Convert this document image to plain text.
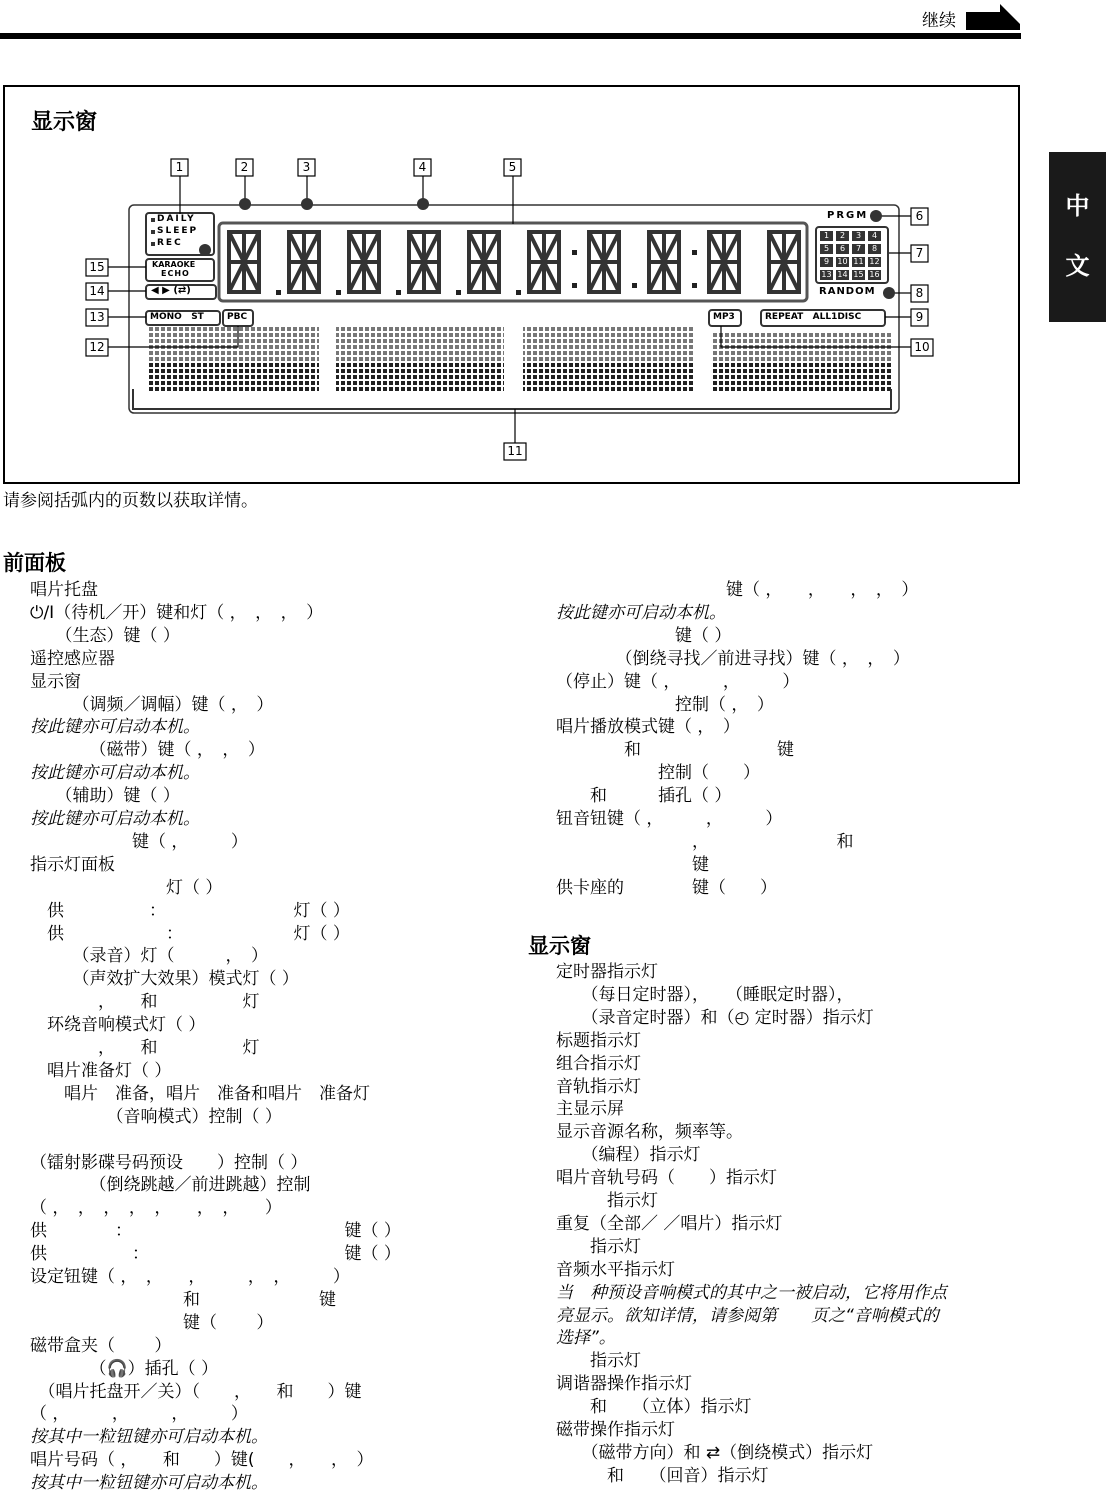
继续
中
文
显示窗
DAILY
SLEEP
REC
KARAOKE
ECHO
◀ ▶ (⇄)
MONO   ST	PBC	MP3	REPEAT   ALL1DISC
PRGM
RANDOM
1	2	3	4
5	6	7	8
9	10 11 12
13 14 15 16
1	2	3	4	5
6
7
8
9
10
11
12
13
14
15
请参阅括弧内的页数以获取详情。
前面板
唱片托盘
⏻/I（待机／开）键和灯（ ，　，　，　）
　　（生态）键（ ）
遥控感应器
显示窗
　　　（调频／调幅）键（ ，　）
按此键亦可启动本机。
　　　　（磁带）键（ ，　，　）
按此键亦可启动本机。
　　（辅助）键（ ）
按此键亦可启动本机。
　　　　　　键（ ，　　　）
指示灯面板
　　　　　　　　灯（ ）
　供　　　　　：　　　　　　　　灯（ ）
　供　　　　　　：　　　　　　　灯（ ）
　　　（录音）灯（　　　，　）
　　　（声效扩大效果）模式灯（ ）
　　　　，　　和　　　　　灯
　环绕音响模式灯（ ）
　　　　，　　和　　　　　灯
　唱片准备灯（ ）
　　唱片　准备，唱片　准备和唱片　准备灯
　　　　　（音响模式）控制（ ）
（镭射影碟号码预设　　）控制（ ）
　　　　（倒绕跳越／前进跳越）控制
（ ，　，　，　，　，　　，　，　　）
供　　　　：　　　　　　　　　　　　　键（ ）
供　　　　　：　　　　　　　　　　　　键（ ）
设定钮键（ ，　，　　，　　　，　，　　　）
　　　　　　　　　和　　　　　　　键
　　　　　　　　　键（ 　　）
磁带盒夹（ 　　）
　　　　（🎧）插孔（ ）
　（唱片托盘开／关）（　　，　　和　　）键
（ ，　　　，　　　，　　　）
按其中一粒钮键亦可启动本机。
唱片号码（ ，　　和　　）键(　　，　　，　）
按其中一粒钮键亦可启动本机。
　　　　　　　　　　键（ ，　　，　　，　，　）
按此键亦可启动本机。
　　　　　　　键（ ）
　　　　（倒绕寻找／前进寻找）键（ ，　，　）
（停止）键（ ，　　　，　　　）
　　　　　　　控制（ ，　）
唱片播放模式键（ ，　）
　　　　和　　　　　　　　键
　　　　　　控制（　　）
　　和　　　插孔（ ）
钮音钮键（ ，　　　，　　　）
　　　　　　　　，　　　　　　　　和
　　　　　　　　键
供卡座的　　　　键（　　）
显示窗
定时器指示灯
　　（每日定时器），　　（睡眠定时器），
　　（录音定时器）和（◴ 定时器）指示灯
标题指示灯
组合指示灯
音轨指示灯
主显示屏
显示音源名称，频率等。
　　（编程）指示灯
唱片音轨号码（　　）指示灯
　　　指示灯
重复（全部／ ／唱片）指示灯
　　指示灯
音频水平指示灯
当　种预设音响模式的其中之一被启动，它将用作点
亮显示。欲知详情，请参阅第　　页之“音响模式的
选择”。
　　指示灯
调谐器操作指示灯
　　和　　（立体）指示灯
磁带操作指示灯
　　（磁带方向）和 ⇄（倒绕模式）指示灯
　　　和　　（回音）指示灯
